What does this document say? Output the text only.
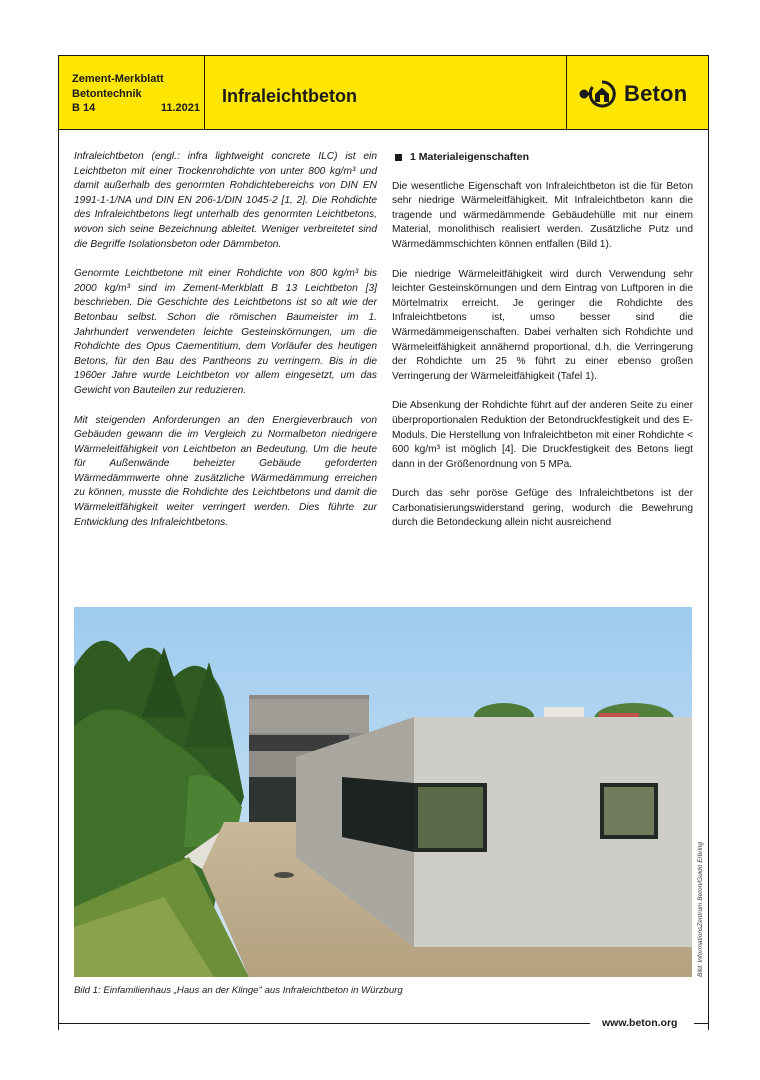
Zement-Merkblatt
Betontechnik
B 14	11.2021
Infraleichtbeton	Beton

Infraleichtbeton (engl.: infra lightweight concrete ILC) ist ein Leichtbeton mit einer Trockenrohdichte von unter 800 kg/m³ und damit außerhalb des genormten Rohdichtebereichs von DIN EN 1991-1-1/NA und DIN EN 206-1/DIN 1045-2 [1, 2]. Die Rohdichte des Infraleichtbetons liegt unterhalb des genormten Leichtbetons, wovon sich seine Bezeichnung ableitet. Weniger verbreitetet sind die Begriffe Isolationsbeton oder Dämmbeton.

Genormte Leichtbetone mit einer Rohdichte von 800 kg/m³ bis 2000 kg/m³ sind im Zement-Merkblatt B 13 Leichtbeton [3] beschrieben. Die Geschichte des Leichtbetons ist so alt wie der Betonbau selbst. Schon die römischen Baumeister im 1. Jahrhundert verwendeten leichte Gesteinskörnungen, um die Rohdichte des Opus Caementitium, dem Vorläufer des heutigen Betons, für den Bau des Pantheons zu verringern. Bis in die 1960er Jahre wurde Leichtbeton vor allem eingesetzt, um das Gewicht von Bauteilen zur reduzieren.

Mit steigenden Anforderungen an den Energieverbrauch von Gebäuden gewann die im Vergleich zu Normalbeton niedrigere Wärmeleitfähigkeit von Leichtbeton an Bedeutung. Um die heute für Außenwände beheizter Gebäude geforderten Wärmedämmwerte ohne zusätzliche Wärmedämmung erreichen zu können, musste die Rohdichte des Leichtbetons und damit die Wärmeleitfähigkeit weiter verringert werden. Dies führte zur Entwicklung des Infraleichtbetons.

1 Materialeigenschaften

Die wesentliche Eigenschaft von Infraleichtbeton ist die für Beton sehr niedrige Wärmeleitfähigkeit. Mit Infraleichtbeton kann die tragende und wärmedämmende Gebäudehülle mit nur einem Material, monolithisch realisiert werden. Zusätzliche Putz und Wärmedämmschichten können entfallen (Bild 1).

Die niedrige Wärmeleitfähigkeit wird durch Verwendung sehr leichter Gesteinskörnungen und dem Eintrag von Luftporen in die Mörtelmatrix erreicht. Je geringer die Rohdichte des Infraleichtbetons ist, umso besser sind die Wärmedämmeigenschaften. Dabei verhalten sich Rohdichte und Wärmeleitfähigkeit annähernd proportional, d.h. die Verringerung der Rohdichte um 25 % führt zu einer ebenso großen Verringerung der Wärmeleitfähigkeit (Tafel 1).

Die Absenkung der Rohdichte führt auf der anderen Seite zu einer überproportionalen Reduktion der Betondruckfestigkeit und des E-Moduls. Die Herstellung von Infraleichtbeton mit einer Rohdichte < 600 kg/m³ ist möglich [4]. Die Druckfestigkeit des Betons liegt dann in der Größenordnung von 5 MPa.

Durch das sehr poröse Gefüge des Infraleichtbetons ist der Carbonatisierungswiderstand gering, wodurch die Bewehrung durch die Betondeckung allein nicht ausreichend

Bild: InformationsZentrum Beton/Guido Erbring
Bild 1: Einfamilienhaus „Haus an der Klinge" aus Infraleichtbeton in Würzburg
www.beton.org
